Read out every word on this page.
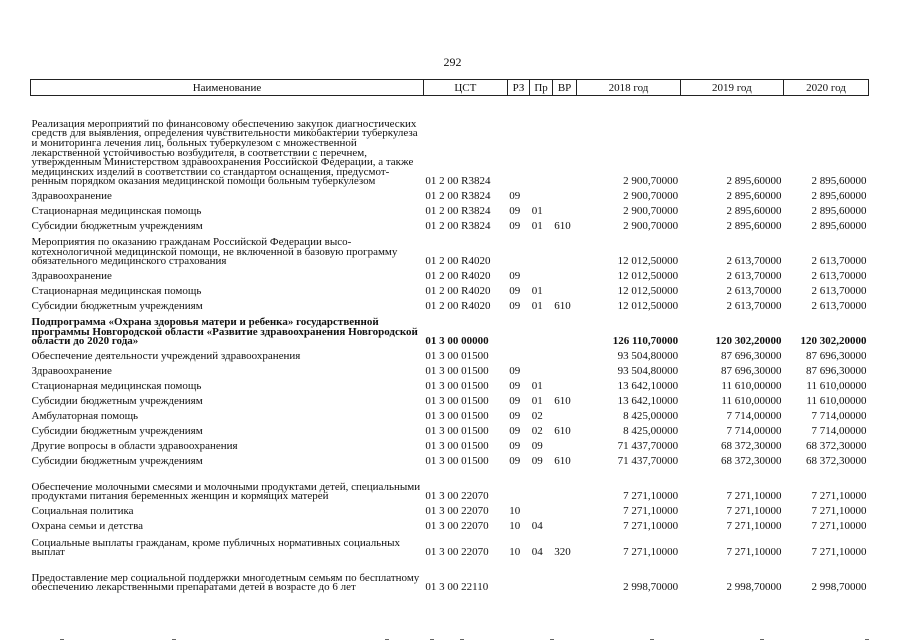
292
Наименование	ЦСТ	РЗ	Пр	ВР	2018 год	2019 год	2020 год
Реализация мероприятий по финансовому обеспечению закупок диагностических средств для выявления, определения чувствительности микобактерии туберкулеза и мониторинга лечения лиц, больных туберкулезом с множественной лекарственной устойчивостью возбудителя, в соответствии с перечнем, утвержденным Министерством здравоохранения Российской Федерации, а также медицинских изделий в соответствии со стандартом оснащения, предусмотренным порядком оказания медицинской помощи больным туберкулезом	01 2 00 R3824				2 900,70000	2 895,60000	2 895,60000
Здравоохранение	01 2 00 R3824	09			2 900,70000	2 895,60000	2 895,60000
Стационарная медицинская помощь	01 2 00 R3824	09	01		2 900,70000	2 895,60000	2 895,60000
Субсидии бюджетным учреждениям	01 2 00 R3824	09	01	610	2 900,70000	2 895,60000	2 895,60000
Мероприятия по оказанию гражданам Российской Федерации высокотехнологичной медицинской помощи, не включенной в базовую программу обязательного медицинского страхования	01 2 00 R4020				12 012,50000	2 613,70000	2 613,70000
Здравоохранение	01 2 00 R4020	09			12 012,50000	2 613,70000	2 613,70000
Стационарная медицинская помощь	01 2 00 R4020	09	01		12 012,50000	2 613,70000	2 613,70000
Субсидии бюджетным учреждениям	01 2 00 R4020	09	01	610	12 012,50000	2 613,70000	2 613,70000
Подпрограмма «Охрана здоровья матери и ребенка» государственной программы Новгородской области «Развитие здравоохранения Новгородской области до 2020 года»	01 3 00 00000				126 110,70000	120 302,20000	120 302,20000
Обеспечение деятельности учреждений здравоохранения	01 3 00 01500				93 504,80000	87 696,30000	87 696,30000
Здравоохранение	01 3 00 01500	09			93 504,80000	87 696,30000	87 696,30000
Стационарная медицинская помощь	01 3 00 01500	09	01		13 642,10000	11 610,00000	11 610,00000
Субсидии бюджетным учреждениям	01 3 00 01500	09	01	610	13 642,10000	11 610,00000	11 610,00000
Амбулаторная помощь	01 3 00 01500	09	02		8 425,00000	7 714,00000	7 714,00000
Субсидии бюджетным учреждениям	01 3 00 01500	09	02	610	8 425,00000	7 714,00000	7 714,00000
Другие вопросы в области здравоохранения	01 3 00 01500	09	09		71 437,70000	68 372,30000	68 372,30000
Субсидии бюджетным учреждениям	01 3 00 01500	09	09	610	71 437,70000	68 372,30000	68 372,30000
Обеспечение молочными смесями и молочными продуктами детей, специальными продуктами питания беременных женщин и кормящих матерей	01 3 00 22070				7 271,10000	7 271,10000	7 271,10000
Социальная политика	01 3 00 22070	10			7 271,10000	7 271,10000	7 271,10000
Охрана семьи и детства	01 3 00 22070	10	04		7 271,10000	7 271,10000	7 271,10000
Социальные выплаты гражданам, кроме публичных нормативных социальных выплат	01 3 00 22070	10	04	320	7 271,10000	7 271,10000	7 271,10000
Предоставление мер социальной поддержки многодетным семьям по бесплатному обеспечению лекарственными препаратами детей в возрасте до 6 лет	01 3 00 22110				2 998,70000	2 998,70000	2 998,70000
